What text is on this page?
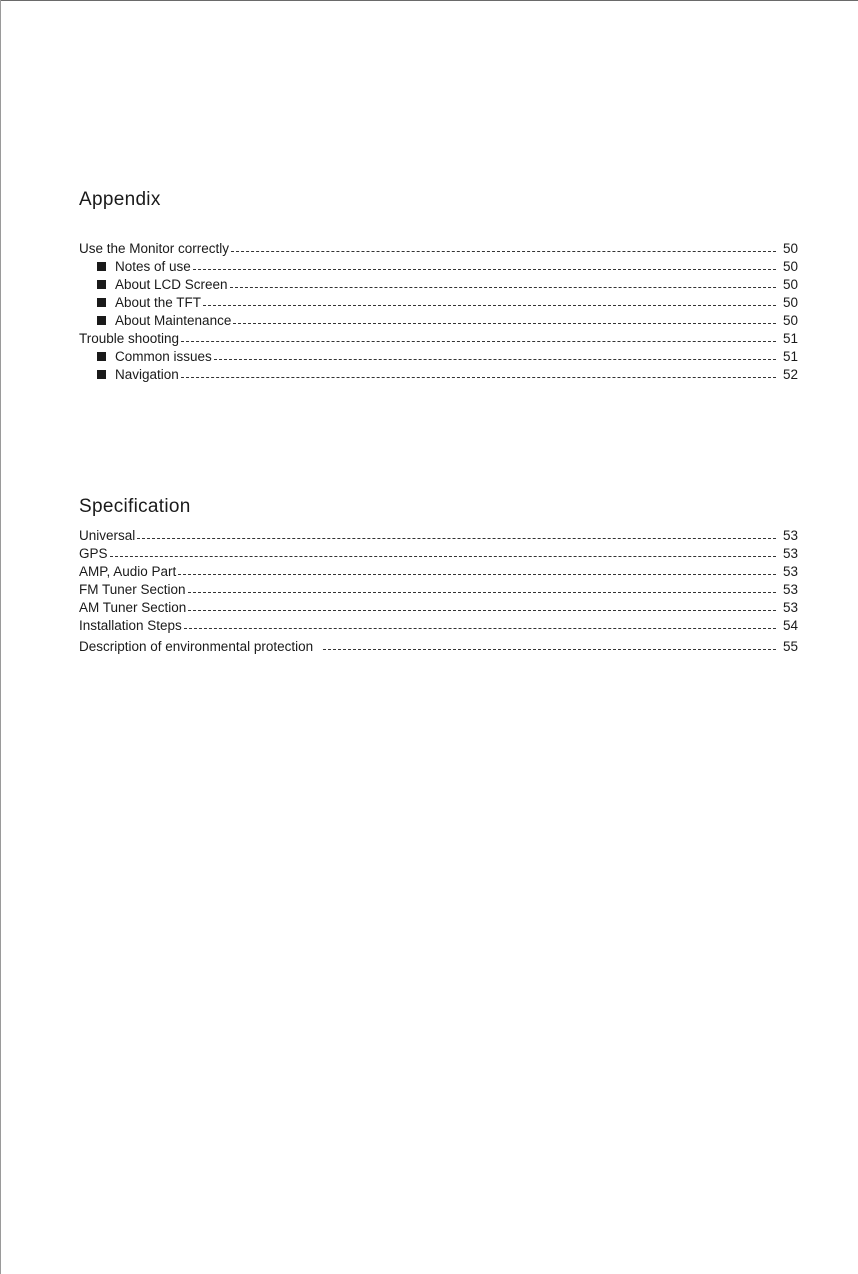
Appendix
Use the Monitor correctly	50
Notes of use	50
About LCD Screen	50
About the TFT	50
About Maintenance	50
Trouble shooting	51
Common issues	51
Navigation	52
Specification
Universal	53
GPS	53
AMP, Audio Part	53
FM Tuner Section	53
AM Tuner Section	53
Installation Steps	54
Description of environmental protection	55
